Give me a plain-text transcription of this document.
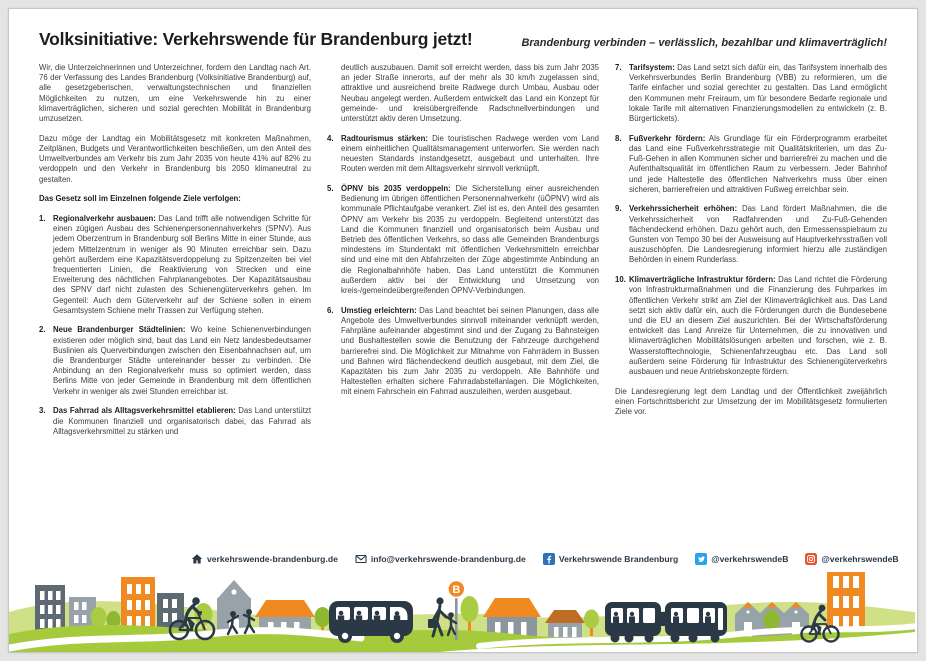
Volksinitiative: Verkehrswende für Brandenburg jetzt!	Brandenburg verbinden – verlässlich, bezahlbar und klimaverträglich!

Wir, die Unterzeichnerinnen und Unterzeichner, fordern den Landtag nach Art. 76 der Verfassung des Landes Brandenburg (Volksinitiative Brandenburg) auf, alle gesetzgeberischen, verwaltungstechnischen und finanziellen Möglichkeiten zu nutzen, um eine Verkehrswende hin zu einer klimaverträglichen, sicheren und sozial gerechten Mobilität in Brandenburg umzusetzen.

Dazu möge der Landtag ein Mobilitätsgesetz mit konkreten Maßnahmen, Zeitplänen, Budgets und Verantwortlichkeiten beschließen, um den Anteil des Umweltverbundes am Verkehr bis zum Jahr 2035 von heute 41% auf 82% zu verdoppeln und den Verkehr in Brandenburg bis 2050 klimaneutral zu gestalten.

Das Gesetz soll im Einzelnen folgende Ziele verfolgen:

1. Regionalverkehr ausbauen: Das Land trifft alle notwendigen Schritte für einen zügigen Ausbau des Schienenpersonennahverkehrs (SPNV). Aus jedem Oberzentrum in Brandenburg soll Berlins Mitte in einer Stunde, aus jedem Mittelzentrum in weniger als 90 Minuten erreichbar sein. Dazu gehört außerdem eine Kapazitätsverdoppelung zu Spitzenzeiten bei viel frequentierten Linien, die Reaktivierung von Strecken und eine Erweiterung des nächtlichen Fahrplanangebotes. Der Kapazitätsausbau des SPNV darf nicht zulasten des Schienengüterverkehrs gehen. Im Gegenteil: Auch dem Güterverkehr auf der Schiene sollen in einem Gesamtsystem Schiene mehr Trassen zur Verfügung stehen.
2. Neue Brandenburger Städtelinien: Wo keine Schienenverbindungen existieren oder möglich sind, baut das Land ein Netz landesbedeutsamer Buslinien als Querverbindungen zwischen den Eisenbahnachsen auf, um die Brandenburger Städte untereinander besser zu verbinden. Die Anbindung an den Regionalverkehr muss so optimiert werden, dass Berlins Mitte von jeder Gemeinde in Brandenburg mit dem öffentlichen Verkehr in weniger als zwei Stunden erreichbar ist.
3. Das Fahrrad als Alltagsverkehrsmittel etablieren: Das Land unterstützt die Kommunen finanziell und organisatorisch dabei, das Fahrrad als Alltagsverkehrsmittel zu stärken und

deutlich auszubauen. Damit soll erreicht werden, dass bis zum Jahr 2035 an jeder Straße innerorts, auf der mehr als 30 km/h zugelassen sind, attraktive und ausreichend breite Radwege durch Umbau, Ausbau oder Neubau angelegt werden. Außerdem entwickelt das Land ein Konzept für gemeinde- und kreisübergreifende Radschnellverbindungen und unterstützt aktiv deren Umsetzung.

4. Radtourismus stärken: Die touristischen Radwege werden vom Land einem einheitlichen Qualitätsmanagement unterworfen. Sie werden nach neuesten Standards instandgesetzt, ausgebaut und unterhalten. Ihre Routen werden mit dem Alltagsverkehr sinnvoll verknüpft.
5. ÖPNV bis 2035 verdoppeln: Die Sicherstellung einer ausreichenden Bedienung im übrigen öffentlichen Personennahverkehr (üÖPNV) wird als kommunale Pflichtaufgabe verankert. Ziel ist es, den Anteil des gesamten ÖPNV am Verkehr bis 2035 zu verdoppeln. Begleitend unterstützt das Land die Kommunen finanziell und organisatorisch beim Ausbau und Betrieb des öffentlichen Verkehrs, so dass alle Gemeinden Brandenburgs mindestens im Stundentakt mit öffentlichen Verkehrsmitteln erreichbar sind und eine mit den Abfahrzeiten der Züge abgestimmte Anbindung an die Regionalbahnhöfe haben. Das Land unterstützt die Kommunen außerdem aktiv bei der Entwicklung und Umsetzung von kreis-/gemeindeübergreifenden ÖPNV-Verbindungen.
6. Umstieg erleichtern: Das Land beachtet bei seinen Planungen, dass alle Angebote des Umweltverbundes sinnvoll miteinander verknüpft werden, Fahrpläne aufeinander abgestimmt sind und der Zugang zu Bahnsteigen und Bushaltestellen sowie die Benutzung der Fahrzeuge durchgehend barrierefrei sind. Die Möglichkeit zur Mitnahme von Fahrrädern in Bussen und Bahnen wird flächendeckend deutlich ausgebaut, mit dem Ziel, die Kapazitäten bis zum Jahr 2035 zu verdoppeln. Alle Bahnhöfe und Haltestellen erhalten sichere Fahrradabstellanlagen. Die Möglichkeiten, mit einem Fahrschein ein Fahrrad auszuleihen, werden ausgebaut.
7. Tarifsystem: Das Land setzt sich dafür ein, das Tarifsystem innerhalb des Verkehrsverbundes Berlin Brandenburg (VBB) zu reformieren, um die Tarife einfacher und sozial gerechter zu gestalten. Das Land ermöglicht den Kommunen mehr Freiraum, um für besondere Bedarfe regionale und lokale Tarife mit alternativen Finanzierungsmodellen zu entwickeln (z. B. Bürgertickets).
8. Fußverkehr fördern: Als Grundlage für ein Förderprogramm erarbeitet das Land eine Fußverkehrsstrategie mit Qualitätskriterien, um das Zu-Fuß-Gehen in allen Kommunen sicher und barrierefrei zu machen und die Aufenthaltsqualität im öffentlichen Raum zu verbessern. Jeder Bahnhof und jede Haltestelle des öffentlichen Nahverkehrs muss über einen sicheren, barrierefreien und attraktiven Fußweg erreichbar sein.
9. Verkehrssicherheit erhöhen: Das Land fördert Maßnahmen, die die Verkehrssicherheit von Radfahrenden und Zu-Fuß-Gehenden flächendeckend erhöhen. Dazu gehört auch, den Ermessensspielraum zu Gunsten von Tempo 30 bei der Ausweisung auf Hauptverkehrsstraßen voll auszuschöpfen. Die Landesregierung informiert hierzu alle zuständigen Behörden in einem Runderlass.
10. Klimaverträgliche Infrastruktur fördern: Das Land richtet die Förderung von Infrastrukturmaßnahmen und die Finanzierung des Fuhrparkes im öffentlichen Verkehr strikt am Ziel der Klimaverträglichkeit aus. Das Land setzt sich aktiv dafür ein, auch die Förderungen durch die Bundesebene und die EU an diesem Ziel auszurichten. Bei der Wirtschaftsförderung entwickelt das Land Anreize für Unternehmen, die zu innovativen und klimaverträglichen Mobilitätslösungen arbeiten und forschen, wie z. B. Wasserstofftechnologie, Schienenfahrzeugbau etc. Das Land soll außerdem seine Förderung für Infrastruktur des Schienengüterverkehrs ausbauen und neue Antriebskonzepte fördern.

Die Landesregierung legt dem Landtag und der Öffentlichkeit zweijährlich einen Fortschrittsbericht zur Umsetzung der im Mobilitätsgesetz formulierten Ziele vor.

verkehrswende-brandenburg.de	info@verkehrswende-brandenburg.de	Verkehrswende Brandenburg	@verkehrswendeB	@verkehrswendeB
B
